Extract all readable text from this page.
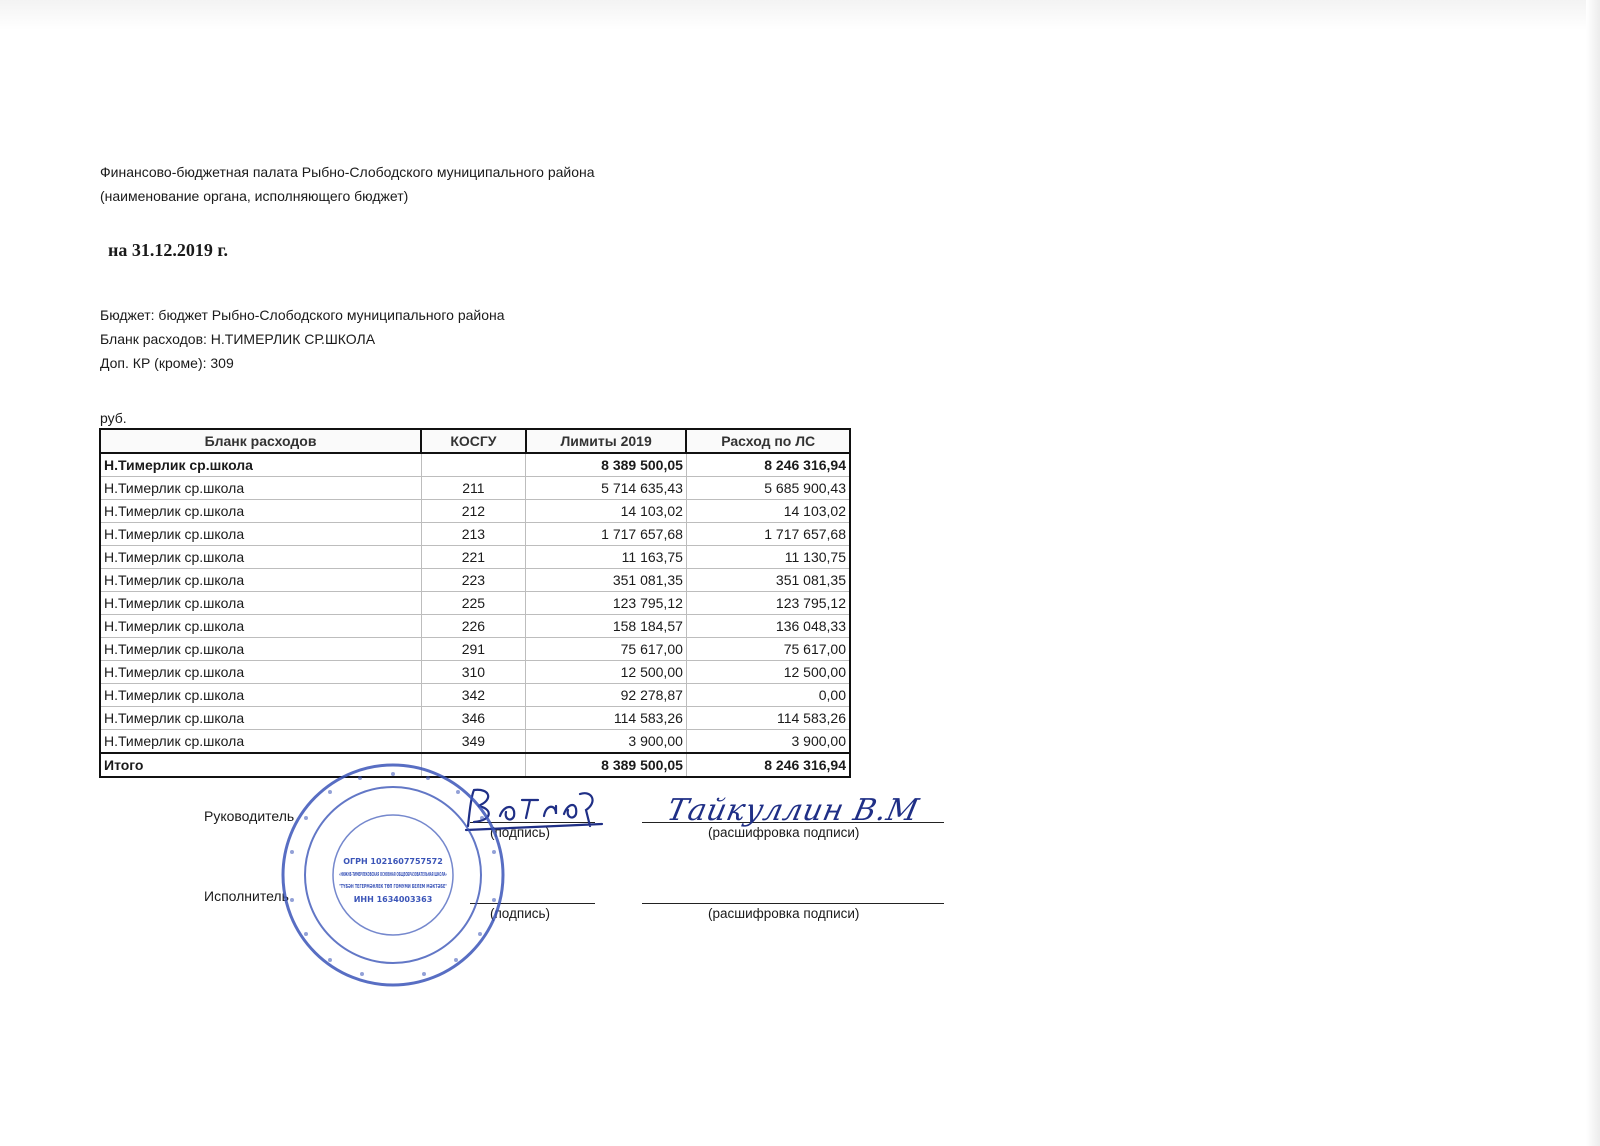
Финансово-бюджетная палата Рыбно-Слободского муниципального района
(наименование органа, исполняющего бюджет)
на 31.12.2019 г.
Бюджет: бюджет Рыбно-Слободского муниципального района
Бланк расходов: Н.ТИМЕРЛИК СР.ШКОЛА
Доп. КР (кроме): 309
руб.
Бланк расходов	КОСГУ	Лимиты 2019	Расход по ЛС
Н.Тимерлик ср.школа		8 389 500,05	8 246 316,94
Н.Тимерлик ср.школа	211	5 714 635,43	5 685 900,43
Н.Тимерлик ср.школа	212	14 103,02	14 103,02
Н.Тимерлик ср.школа	213	1 717 657,68	1 717 657,68
Н.Тимерлик ср.школа	221	11 163,75	11 130,75
Н.Тимерлик ср.школа	223	351 081,35	351 081,35
Н.Тимерлик ср.школа	225	123 795,12	123 795,12
Н.Тимерлик ср.школа	226	158 184,57	136 048,33
Н.Тимерлик ср.школа	291	75 617,00	75 617,00
Н.Тимерлик ср.школа	310	12 500,00	12 500,00
Н.Тимерлик ср.школа	342	92 278,87	0,00
Н.Тимерлик ср.школа	346	114 583,26	114 583,26
Н.Тимерлик ср.школа	349	3 900,00	3 900,00
Итого		8 389 500,05	8 246 316,94
Руководитель
(подпись)	(расшифровка подписи)
Исполнитель
(подпись)	(расшифровка подписи)
Тайкуллин В.М
ОГРН 1021607757572
«НИЖНЕ-ТИМЕРЛЕКОВСКАЯ ОСНОВНАЯ ОБЩЕОБРАЗОВАТЕЛЬНАЯ ШКОЛА»
"ТҮБӘН ТЕГЕРМӘНЛЕК ТӨП ГОМУМИ БЕЛЕМ МӘКТӘБЕ"
ИНН 1634003363
